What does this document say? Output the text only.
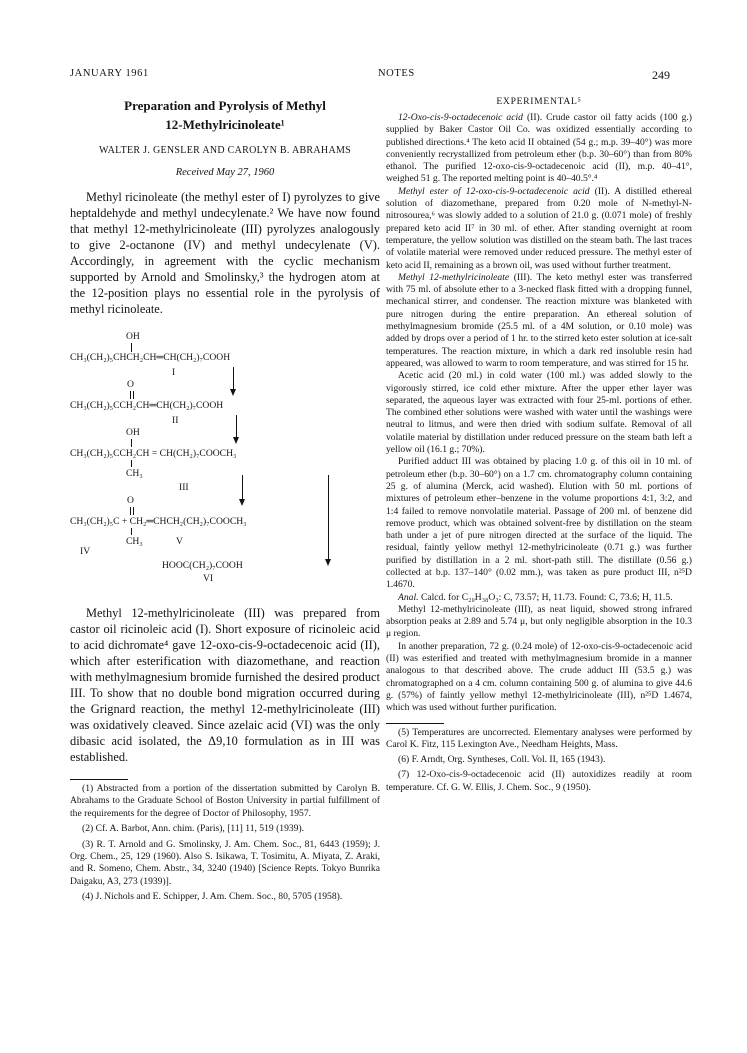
JANUARY 1961	NOTES	249

Preparation and Pyrolysis of Methyl

12-Methylricinoleate¹

WALTER J. GENSLER AND CAROLYN B. ABRAHAMS
Received May 27, 1960

Methyl ricinoleate (the methyl ester of I) pyrolyzes to give heptaldehyde and methyl undecylenate.² We have now found that methyl 12-methylricinoleate (III) pyrolyzes analogously to give 2-octanone (IV) and methyl undecylenate (V). Accordingly, in agreement with the cyclic mechanism supported by Arnold and Smolinsky,³ the hydrogen atom at the 12-position plays no essential role in the pyrolysis of methyl ricinoleate.

OH
CH₃(CH₂)₅CHCH₂CH═CH(CH₂)₇COOH
I
O
CH₃(CH₂)₅CCH₂CH═CH(CH₂)₇COOH
II
OH
CH₃(CH₂)₅CCH₂CH = CH(CH₂)₇COOCH₃
CH₃
III
O
CH₃(CH₂)₅C + CH₂═CHCH₂(CH₂)₇COOCH₃
CH₃
IV
V
HOOC(CH₂)₇COOH
VI

Methyl 12-methylricinoleate (III) was prepared from castor oil ricinoleic acid (I). Short exposure of ricinoleic acid to acid dichromate⁴ gave 12-oxo-cis-9-octadecenoic acid (II), which after esterification with diazomethane, and reaction with methylmagnesium bromide furnished the desired product III. To show that no double bond migration occurred during the Grignard reaction, the methyl 12-methylricinoleate (III) was oxidatively cleaved. Since azelaic acid (VI) was the only dibasic acid isolated, the Δ9,10 formulation as in III was established.

(1) Abstracted from a portion of the dissertation submitted by Carolyn B. Abrahams to the Graduate School of Boston University in partial fulfillment of the requirements for the degree of Doctor of Philosophy, 1957.

(2) Cf. A. Barbot, Ann. chim. (Paris), [11] 11, 519 (1939).

(3) R. T. Arnold and G. Smolinsky, J. Am. Chem. Soc., 81, 6443 (1959); J. Org. Chem., 25, 129 (1960). Also S. Isikawa, T. Tosimitu, A. Miyata, Z. Araki, and R. Someno, Chem. Abstr., 34, 3240 (1940) [Science Repts. Tokyo Bunrika Daigaku, A3, 273 (1939)].

(4) J. Nichols and E. Schipper, J. Am. Chem. Soc., 80, 5705 (1958).

EXPERIMENTAL⁵

12-Oxo-cis-9-octadecenoic acid (II). Crude castor oil fatty acids (100 g.) supplied by Baker Castor Oil Co. was oxidized essentially according to published directions.⁴ The keto acid II obtained (54 g.; m.p. 39–40°) was more conveniently recrystallized from petroleum ether (b.p. 30–60°) than from 80% ethanol. The purified 12-oxo-cis-9-octadecenoic acid (II), m.p. 40–41°, weighed 51 g. The reported melting point is 40–40.5°.⁴

Methyl ester of 12-oxo-cis-9-octadecenoic acid (II). A distilled ethereal solution of diazomethane, prepared from 0.20 mole of N-methyl-N-nitrosourea,⁶ was slowly added to a solution of 21.0 g. (0.071 mole) of freshly prepared keto acid II⁷ in 30 ml. of ether. After standing overnight at room temperature, the yellow solution was distilled on the steam bath. The last traces of volatile material were removed under reduced pressure. The methyl ester of keto acid II, remaining as a brown oil, was used without further treatment.

Methyl 12-methylricinoleate (III). The keto methyl ester was transferred with 75 ml. of absolute ether to a 3-necked flask fitted with a dropping funnel, mechanical stirrer, and condenser. The reaction mixture was blanketed with pure nitrogen during the entire preparation. An ethereal solution of methylmagnesium bromide (25.5 ml. of a 4M solution, or 0.10 mole) was added by drops over a period of 1 hr. to the stirred keto ester solution at ice-salt temperatures. The reaction mixture, in which a dark red insoluble resin had appeared, was allowed to warm to room temperature, and was stirred for 15 hr.

Acetic acid (20 ml.) in cold water (100 ml.) was added slowly to the vigorously stirred, ice cold ether mixture. After the upper ether layer was separated, the aqueous layer was extracted with four 25-ml. portions of ether. The combined ether solutions were washed with water until the washings were neutral to litmus, and were then dried with sodium sulfate. Removal of all volatile material by distillation under reduced pressure on the steam bath left a yellow oil (16.1 g.; 70%).

Purified adduct III was obtained by placing 1.0 g. of this oil in 10 ml. of petroleum ether (b.p. 30–60°) on a 1.7 cm. chromatography column containing 25 g. of alumina (Merck, acid washed). Elution with 50 ml. portions of mixtures of petroleum ether–benzene in the volume proportions 4:1, 3:2, and 1:4 failed to remove nonvolatile material. Passage of 200 ml. of benzene did remove product, which was obtained solvent-free by distillation on the steam bath under a jet of pure nitrogen directed at the surface of the liquid. The residual, faintly yellow methyl 12-methylricinoleate (0.71 g.) was further purified by distillation in a 2 ml. short-path still. The distillate (0.56 g.) collected at b.p. 137–140° (0.02 mm.), was taken as pure product III, n²⁵D 1.4670.

Anal. Calcd. for C₂₀H₃₈O₃: C, 73.57; H, 11.73. Found: C, 73.6; H, 11.5.

Methyl 12-methylricinoleate (III), as neat liquid, showed strong infrared absorption peaks at 2.89 and 5.74 μ, but only negligible absorption in the 10.3 μ region.

In another preparation, 72 g. (0.24 mole) of 12-oxo-cis-9-octadecenoic acid (II) was esterified and treated with methylmagnesium bromide in a manner analogous to that described above. The crude adduct III (53.5 g.) was chromatographed on a 4 cm. column containing 500 g. of alumina to give 44.6 g. (57%) of faintly yellow methyl 12-methylricinoleate (III), n²⁵D 1.4674, which was used without further purification.

(5) Temperatures are uncorrected. Elementary analyses were performed by Carol K. Fitz, 115 Lexington Ave., Needham Heights, Mass.

(6) F. Arndt, Org. Syntheses, Coll. Vol. II, 165 (1943).

(7) 12-Oxo-cis-9-octadecenoic acid (II) autoxidizes readily at room temperature. Cf. G. W. Ellis, J. Chem. Soc., 9 (1950).
